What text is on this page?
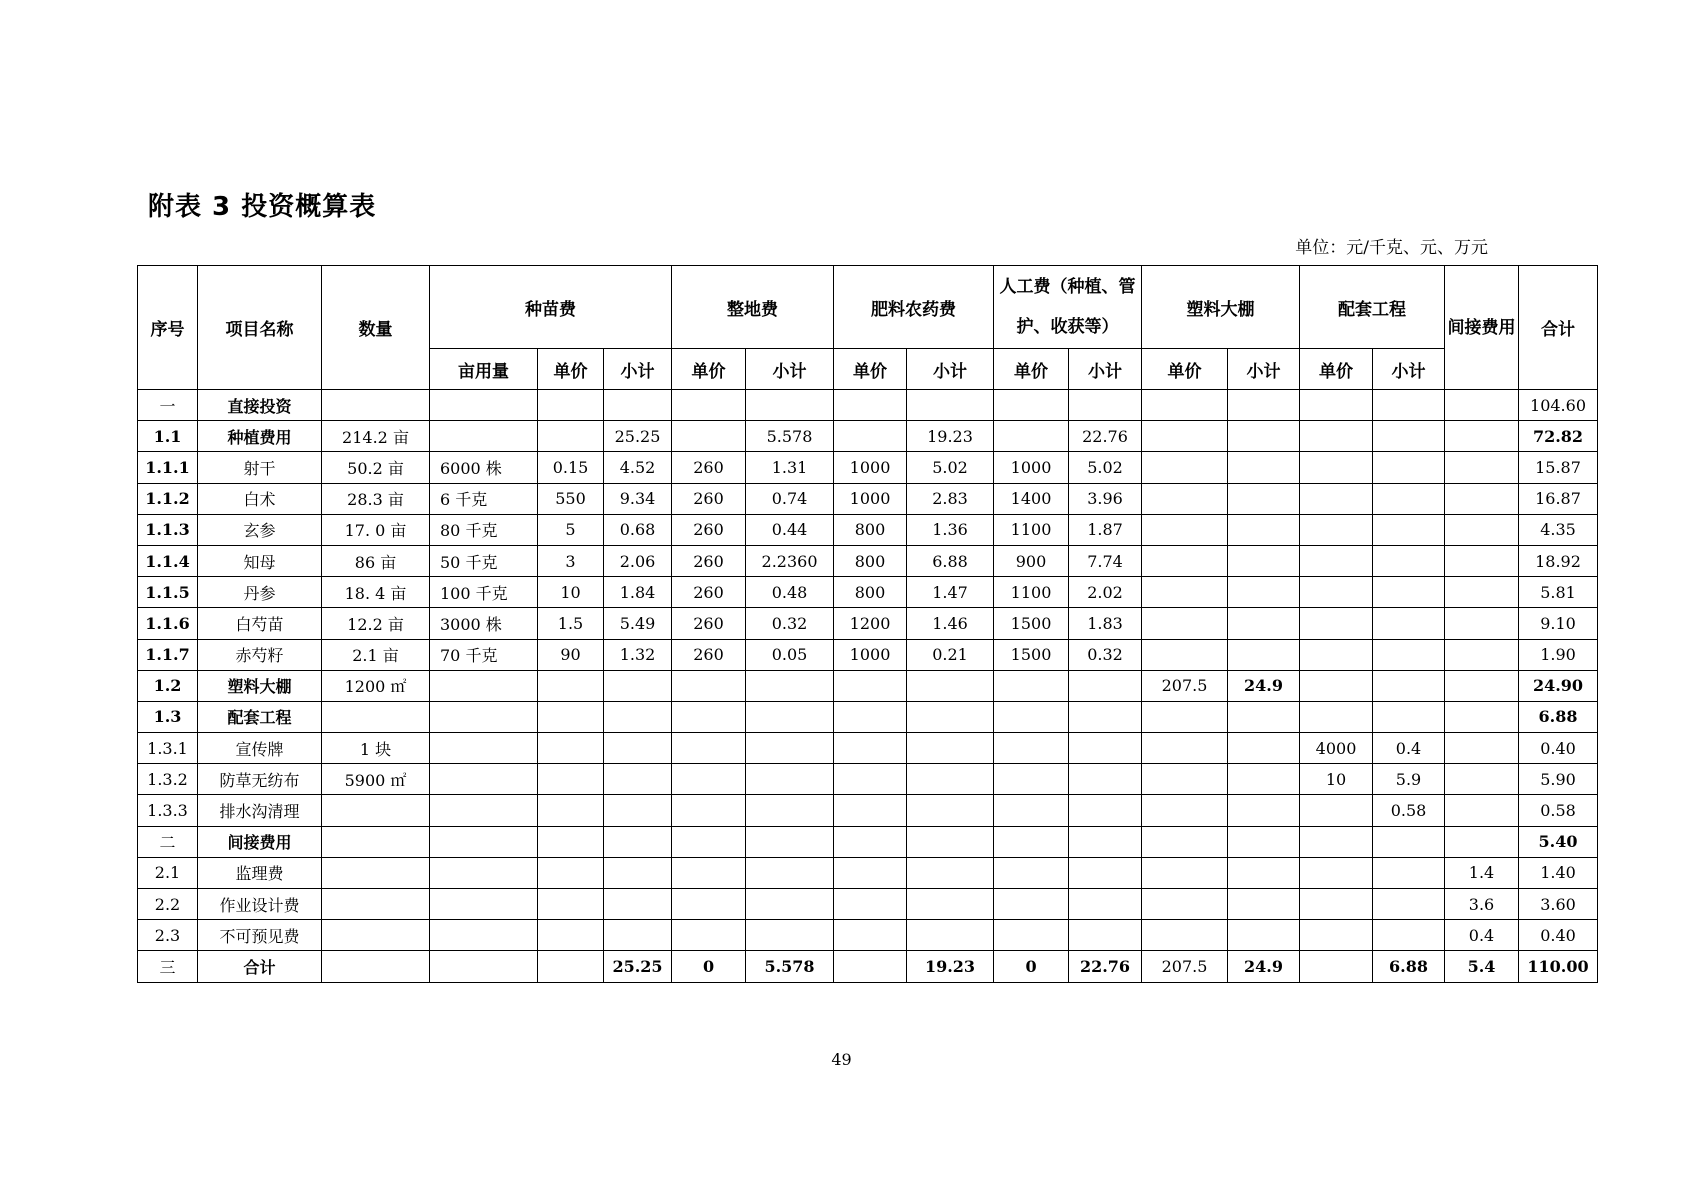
附表 3 投资概算表
单位：元/千克、元、万元
序号	项目名称	数量	种苗费			整地费		肥料农药费		人工费（种植、管护、收获等）		塑料大棚		配套工程		间接费用	合计
			亩用量	单价	小计	单价	小计	单价	小计	单价	小计	单价	小计	单价	小计		
一	直接投资																104.60
1.1	种植费用	214.2 亩			25.25		5.578		19.23		22.76						72.82
1.1.1	射干	50.2 亩	6000 株	0.15	4.52	260	1.31	1000	5.02	1000	5.02						15.87
1.1.2	白术	28.3 亩	6 千克	550	9.34	260	0.74	1000	2.83	1400	3.96						16.87
1.1.3	玄参	17. 0 亩	80 千克	5	0.68	260	0.44	800	1.36	1100	1.87						4.35
1.1.4	知母	86 亩	50 千克	3	2.06	260	2.2360	800	6.88	900	7.74						18.92
1.1.5	丹参	18. 4 亩	100 千克	10	1.84	260	0.48	800	1.47	1100	2.02						5.81
1.1.6	白芍苗	12.2 亩	3000 株	1.5	5.49	260	0.32	1200	1.46	1500	1.83						9.10
1.1.7	赤芍籽	2.1 亩	70 千克	90	1.32	260	0.05	1000	0.21	1500	0.32						1.90
1.2	塑料大棚	1200 ㎡										207.5	24.9				24.90
1.3	配套工程																6.88
1.3.1	宣传牌	1 块												4000	0.4		0.40
1.3.2	防草无纺布	5900 ㎡												10	5.9		5.90
1.3.3	排水沟清理														0.58		0.58
二	间接费用																5.40
2.1	监理费															1.4	1.40
2.2	作业设计费															3.6	3.60
2.3	不可预见费															0.4	0.40
三	合计				25.25	0	5.578		19.23	0	22.76	207.5	24.9		6.88	5.4	110.00
49
